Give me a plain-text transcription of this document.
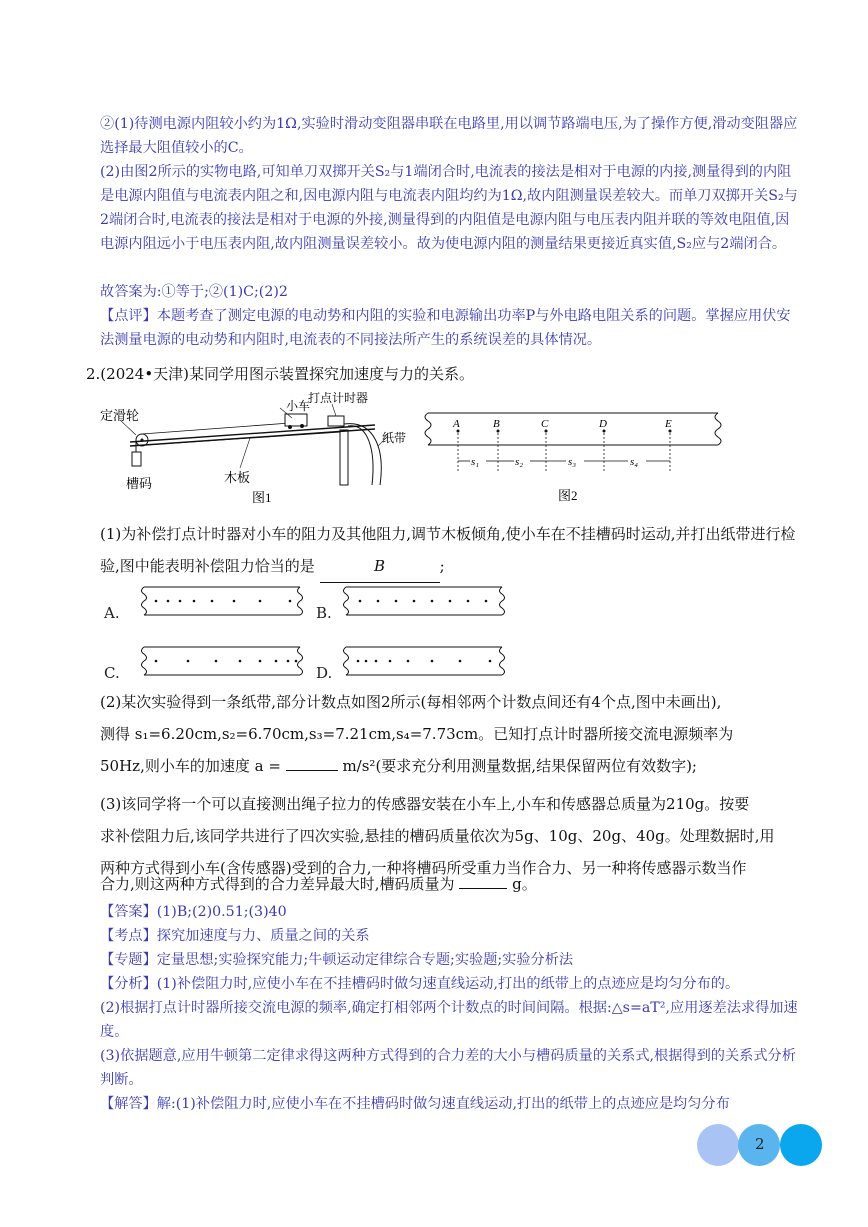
②(1)待测电源内阻较小约为1Ω,实验时滑动变阻器串联在电路里,用以调节路端电压,为了操作方便,滑动变阻器应选择最大阻值较小的C。

(2)由图2所示的实物电路,可知单刀双掷开关S₂与1端闭合时,电流表的接法是相对于电源的内接,测量得到的内阻是电源内阻值与电流表内阻之和,因电源内阻与电流表内阻均约为1Ω,故内阻测量误差较大。而单刀双掷开关S₂与2端闭合时,电流表的接法是相对于电源的外接,测量得到的内阻值是电源内阻与电压表内阻并联的等效电阻值,因电源内阻远小于电压表内阻,故内阻测量误差较小。故为使电源内阻的测量结果更接近真实值,S₂应与2端闭合。

故答案为:①等于;②(1)C;(2)2

【点评】本题考查了测定电源的电动势和内阻的实验和电源输出功率P与外电路电阻关系的问题。掌握应用伏安法测量电源的电动势和内阻时,电流表的不同接法所产生的系统误差的具体情况。

2.(2024•天津)某同学用图示装置探究加速度与力的关系。

定滑轮
小车
打点计时器
纸带
槽码	木板
图1
A	B	C	D	E
s₁	s₂	s₃	s₄
图2

(1)为补偿打点计时器对小车的阻力及其他阻力,调节木板倾角,使小车在不挂槽码时运动,并打出纸带进行检验,图中能表明补偿阻力恰当的是	B	;

A.	B.
C.	D.

(2)某次实验得到一条纸带,部分计数点如图2所示(每相邻两个计数点间还有4个点,图中未画出),

测得 s₁=6.20cm,s₂=6.70cm,s₃=7.21cm,s₄=7.73cm。已知打点计时器所接交流电源频率为

50Hz,则小车的加速度 a =	m/s²(要求充分利用测量数据,结果保留两位有效数字);

(3)该同学将一个可以直接测出绳子拉力的传感器安装在小车上,小车和传感器总质量为210g。按要

求补偿阻力后,该同学共进行了四次实验,悬挂的槽码质量依次为5g、10g、20g、40g。处理数据时,用

两种方式得到小车(含传感器)受到的合力,一种将槽码所受重力当作合力、另一种将传感器示数当作

合力,则这两种方式得到的合力差异最大时,槽码质量为	g。

【答案】(1)B;(2)0.51;(3)40

【考点】探究加速度与力、质量之间的关系

【专题】定量思想;实验探究能力;牛顿运动定律综合专题;实验题;实验分析法

【分析】(1)补偿阻力时,应使小车在不挂槽码时做匀速直线运动,打出的纸带上的点迹应是均匀分布的。

(2)根据打点计时器所接交流电源的频率,确定打相邻两个计数点的时间间隔。根据:△s=aT²,应用逐差法求得加速度。

(3)依据题意,应用牛顿第二定律求得这两种方式得到的合力差的大小与槽码质量的关系式,根据得到的关系式分析判断。

【解答】解:(1)补偿阻力时,应使小车在不挂槽码时做匀速直线运动,打出的纸带上的点迹应是均匀分布

2
